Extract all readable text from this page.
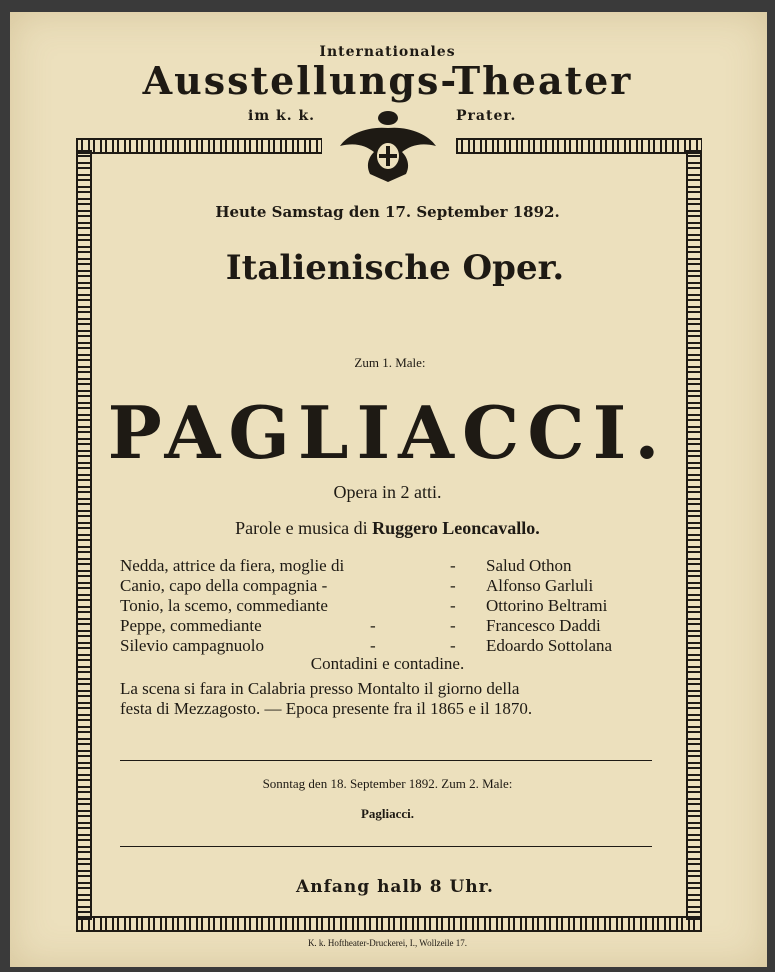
Internationales
Ausstellungs-Theater
im k. k.	Prater.
Heute Samstag den 17. September 1892.
Italienische Oper.
Zum 1. Male:
PAGLIACCI.
Opera in 2 atti.
Parole e musica di Ruggero Leoncavallo.
Nedda, attrice da fiera, moglie di	- Salud Othon
Canio, capo della compagnia -	- Alfonso Garluli
Tonio, la scemo, commediante	- Ottorino Beltrami
Peppe, commediante	-	- Francesco Daddi
Silevio campagnuolo	-	- Edoardo Sottolana
Contadini e contadine.
La scena si fara in Calabria presso Montalto il giorno della
festa di Mezzagosto. — Epoca presente fra il 1865 e il 1870.
Sonntag den 18. September 1892. Zum 2. Male:
Pagliacci.
Anfang halb 8 Uhr.
K. k. Hoftheater-Druckerei, I., Wollzeile 17.
